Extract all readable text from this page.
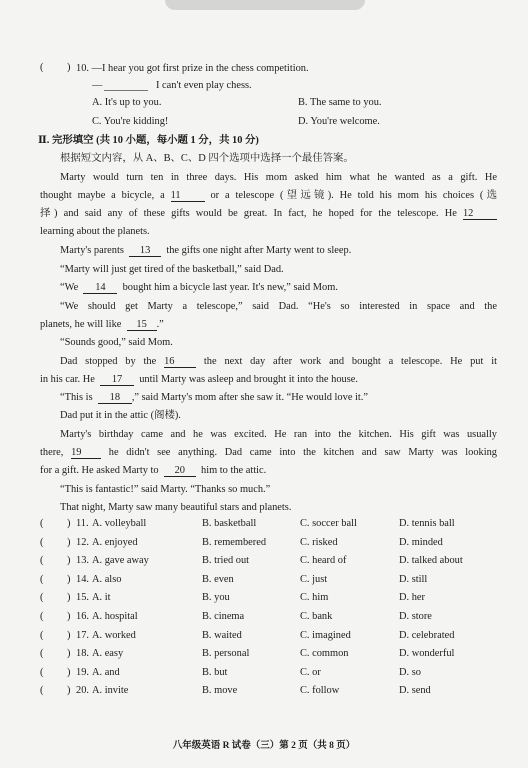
( ) 10. —I hear you got first prize in the chess competition.
—	I can't even play chess.
A. It's up to you.	B. The same to you.
C. You're kidding!	D. You're welcome.
Ⅱ. 完形填空 (共 10 小题，每小题 1 分，共 10 分)
根据短文内容，从 A、B、C、D 四个选项中选择一个最佳答案。
Marty would turn ten in three days. His mom asked him what he wanted as a gift. He
thought maybe a bicycle, a 11	or a telescope (望远镜). He told his mom his choices (选
择) and said any of these gifts would be great. In fact, he hoped for the telescope. He 12
learning about the planets.
Marty's parents 13 the gifts one night after Marty went to sleep.
“Marty will just get tired of the basketball,” said Dad.
“We 14 bought him a bicycle last year. It's new,” said Mom.
“We should get Marty a telescope,” said Dad. “He's so interested in space and the
planets, he will like 15 .”
“Sounds good,” said Mom.
Dad stopped by the 16	the next day after work and bought a telescope. He put it
in his car. He 17 until Marty was asleep and brought it into the house.
“This is 18 ,” said Marty's mom after she saw it. “He would love it.”
Dad put it in the attic (阁楼).
Marty's birthday came and he was excited. He ran into the kitchen. His gift was usually
there, 19	he didn't see anything. Dad came into the kitchen and saw Marty was looking
for a gift. He asked Marty to 20 him to the attic.
“This is fantastic!” said Marty. “Thanks so much.”
That night, Marty saw many beautiful stars and planets.
( ) 11. A. volleyball	B. basketball	C. soccer ball	D. tennis ball
( ) 12. A. enjoyed	B. remembered	C. risked	D. minded
( ) 13. A. gave away	B. tried out	C. heard of	D. talked about
( ) 14. A. also	B. even	C. just	D. still
( ) 15. A. it	B. you	C. him	D. her
( ) 16. A. hospital	B. cinema	C. bank	D. store
( ) 17. A. worked	B. waited	C. imagined	D. celebrated
( ) 18. A. easy	B. personal	C. common	D. wonderful
( ) 19. A. and	B. but	C. or	D. so
( ) 20. A. invite	B. move	C. follow	D. send
八年级英语 R 试卷（三）第 2 页（共 8 页）
